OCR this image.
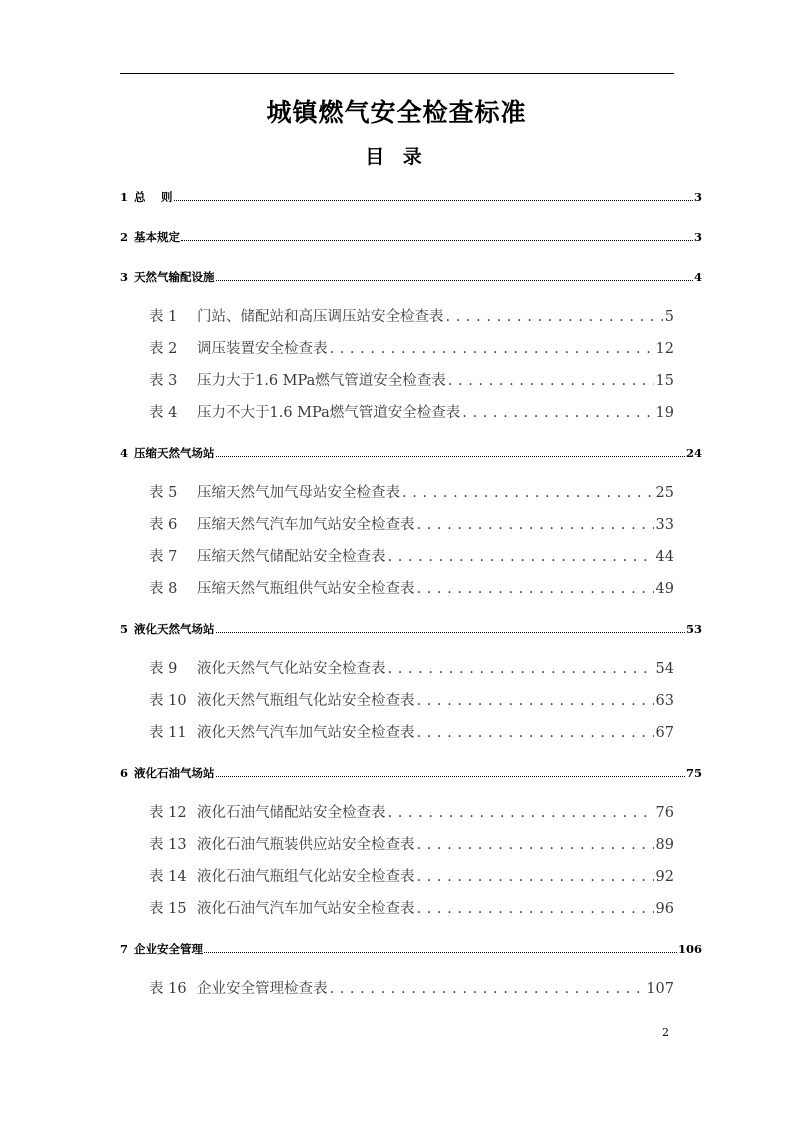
城镇燃气安全检查标准
目 录
1 总　 则	3
2 基本规定	3
3 天然气输配设施	4
表 1	门站、储配站和高压调压站安全检查表 . . .	5
表 2	调压装置安全检查表 . . .	12
表 3	压力大于1.6 MPa燃气管道安全检查表 . . .	15
表 4	压力不大于1.6 MPa燃气管道安全检查表 . . .	19
4 压缩天然气场站	24
表 5	压缩天然气加气母站安全检查表 . . .	25
表 6	压缩天然气汽车加气站安全检查表 . . .	33
表 7	压缩天然气储配站安全检查表 . . .	44
表 8	压缩天然气瓶组供气站安全检查表 . . .	49
5 液化天然气场站	53
表 9	液化天然气气化站安全检查表 . . .	54
表 10 液化天然气瓶组气化站安全检查表 . . .	63
表 11 液化天然气汽车加气站安全检查表 . . .	67
6 液化石油气场站	75
表 12 液化石油气储配站安全检查表 . . .	76
表 13 液化石油气瓶装供应站安全检查表 . . .	89
表 14 液化石油气瓶组气化站安全检查表 . . .	92
表 15 液化石油气汽车加气站安全检查表 . . .	96
7 企业安全管理	106
表 16 企业安全管理检查表 . . .	107
2
